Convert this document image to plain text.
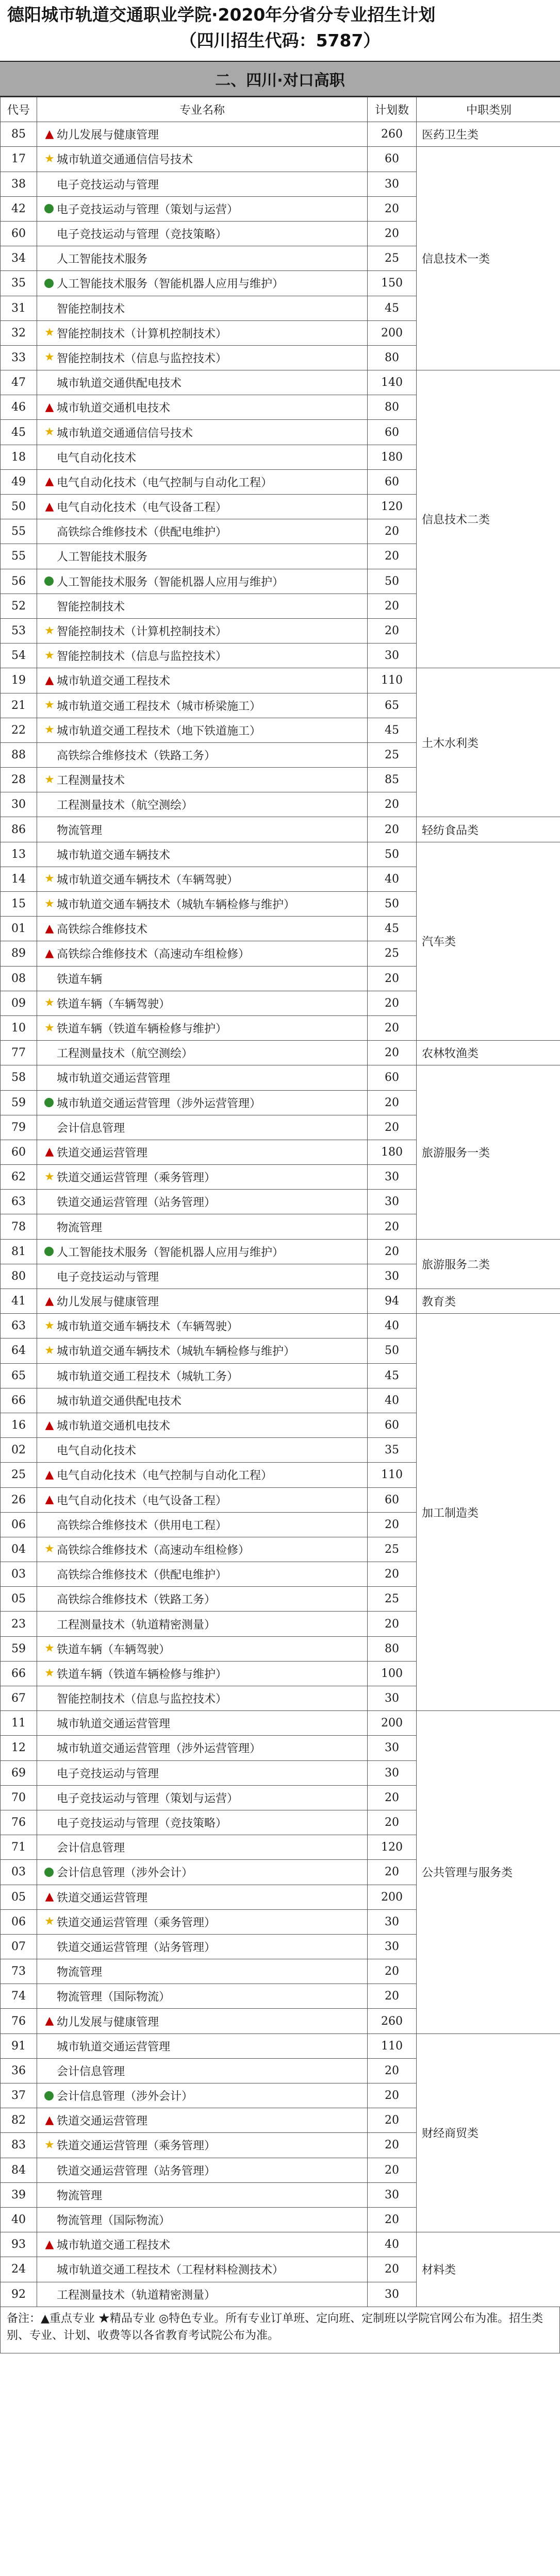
德阳城市轨道交通职业学院·2020年分省分专业招生计划
（四川招生代码：5787）
二、四川·对口高职
代号	专业名称	计划数	中职类别
85	▲ 幼儿发展与健康管理	260	医药卫生类
17	★ 城市轨道交通通信信号技术	60	信息技术一类
38	电子竞技运动与管理	30	
42	电子竞技运动与管理（策划与运营）	20	
60	电子竞技运动与管理（竞技策略）	20	
34	人工智能技术服务	25	
35	人工智能技术服务（智能机器人应用与维护）	150	
31	智能控制技术	45	
32	★ 智能控制技术（计算机控制技术）	200	
33	★ 智能控制技术（信息与监控技术）	80	
47	城市轨道交通供配电技术	140	信息技术二类
46	▲ 城市轨道交通机电技术	80	
45	★ 城市轨道交通通信信号技术	60	
18	电气自动化技术	180	
49	▲ 电气自动化技术（电气控制与自动化工程）	60	
50	▲ 电气自动化技术（电气设备工程）	120	
55	高铁综合维修技术（供配电维护）	20	
55	人工智能技术服务	20	
56	人工智能技术服务（智能机器人应用与维护）	50	
52	智能控制技术	20	
53	★ 智能控制技术（计算机控制技术）	20	
54	★ 智能控制技术（信息与监控技术）	30	
19	▲ 城市轨道交通工程技术	110	土木水利类
21	★ 城市轨道交通工程技术（城市桥梁施工）	65	
22	★ 城市轨道交通工程技术（地下铁道施工）	45	
88	高铁综合维修技术（铁路工务）	25	
28	★ 工程测量技术	85	
30	工程测量技术（航空测绘）	20	
86	物流管理	20	轻纺食品类
13	城市轨道交通车辆技术	50	汽车类
14	★ 城市轨道交通车辆技术（车辆驾驶）	40	
15	★ 城市轨道交通车辆技术（城轨车辆检修与维护）	50	
01	▲ 高铁综合维修技术	45	
89	▲ 高铁综合维修技术（高速动车组检修）	25	
08	铁道车辆	20	
09	★ 铁道车辆（车辆驾驶）	20	
10	★ 铁道车辆（铁道车辆检修与维护）	20	
77	工程测量技术（航空测绘）	20	农林牧渔类
58	城市轨道交通运营管理	60	旅游服务一类
59	城市轨道交通运营管理（涉外运营管理）	20	
79	会计信息管理	20	
60	▲ 铁道交通运营管理	180	
62	★ 铁道交通运营管理（乘务管理）	30	
63	铁道交通运营管理（站务管理）	30	
78	物流管理	20	
81	人工智能技术服务（智能机器人应用与维护）	20	旅游服务二类
80	电子竞技运动与管理	30	
41	▲ 幼儿发展与健康管理	94	教育类
63	★ 城市轨道交通车辆技术（车辆驾驶）	40	加工制造类
64	★ 城市轨道交通车辆技术（城轨车辆检修与维护）	50	
65	城市轨道交通工程技术（城轨工务）	45	
66	城市轨道交通供配电技术	40	
16	▲ 城市轨道交通机电技术	60	
02	电气自动化技术	35	
25	▲ 电气自动化技术（电气控制与自动化工程）	110	
26	▲ 电气自动化技术（电气设备工程）	60	
06	高铁综合维修技术（供用电工程）	20	
04	★ 高铁综合维修技术（高速动车组检修）	25	
03	高铁综合维修技术（供配电维护）	20	
05	高铁综合维修技术（铁路工务）	25	
23	工程测量技术（轨道精密测量）	20	
59	★ 铁道车辆（车辆驾驶）	80	
66	★ 铁道车辆（铁道车辆检修与维护）	100	
67	智能控制技术（信息与监控技术）	30	
11	城市轨道交通运营管理	200	公共管理与服务类
12	城市轨道交通运营管理（涉外运营管理）	30	
69	电子竞技运动与管理	30	
70	电子竞技运动与管理（策划与运营）	20	
76	电子竞技运动与管理（竞技策略）	20	
71	会计信息管理	120	
03	会计信息管理（涉外会计）	20	
05	▲ 铁道交通运营管理	200	
06	★ 铁道交通运营管理（乘务管理）	30	
07	铁道交通运营管理（站务管理）	30	
73	物流管理	20	
74	物流管理（国际物流）	20	
76	▲ 幼儿发展与健康管理	260	
91	城市轨道交通运营管理	110	财经商贸类
36	会计信息管理	20	
37	会计信息管理（涉外会计）	20	
82	▲ 铁道交通运营管理	20	
83	★ 铁道交通运营管理（乘务管理）	20	
84	铁道交通运营管理（站务管理）	20	
39	物流管理	30	
40	物流管理（国际物流）	20	
93	▲ 城市轨道交通工程技术	40	材料类
24	城市轨道交通工程技术（工程材料检测技术）	20	
92	工程测量技术（轨道精密测量）	30	
备注：▲重点专业 ★精品专业 ◎特色专业。所有专业订单班、定向班、定制班以学院官网公布为准。招生类别、专业、计划、收费等以各省教育考试院公布为准。
